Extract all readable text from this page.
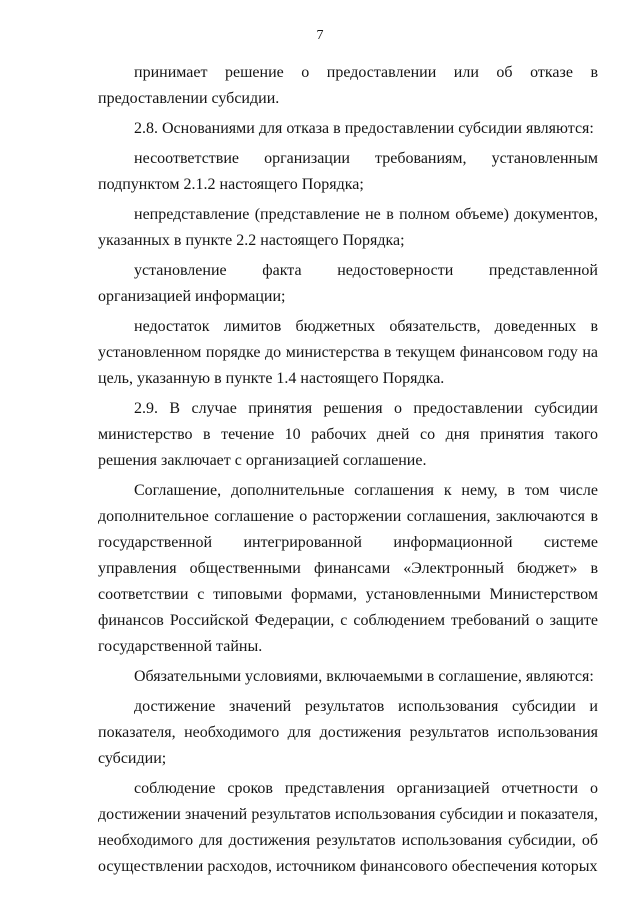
7

принимает решение о предоставлении или об отказе в предоставлении субсидии.

2.8. Основаниями для отказа в предоставлении субсидии являются:

несоответствие организации требованиям, установленным подпунктом 2.1.2 настоящего Порядка;

непредставление (представление не в полном объеме) документов, указанных в пункте 2.2 настоящего Порядка;

установление факта недостоверности представленной организацией информации;

недостаток лимитов бюджетных обязательств, доведенных в установленном порядке до министерства в текущем финансовом году на цель, указанную в пункте 1.4 настоящего Порядка.

2.9. В случае принятия решения о предоставлении субсидии министерство в течение 10 рабочих дней со дня принятия такого решения заключает с организацией соглашение.

Соглашение, дополнительные соглашения к нему, в том числе дополнительное соглашение о расторжении соглашения, заключаются в государственной интегрированной информационной системе управления общественными финансами «Электронный бюджет» в соответствии с типовыми формами, установленными Министерством финансов Российской Федерации, с соблюдением требований о защите государственной тайны.

Обязательными условиями, включаемыми в соглашение, являются:

достижение значений результатов использования субсидии и показателя, необходимого для достижения результатов использования субсидии;

соблюдение сроков представления организацией отчетности о достижении значений результатов использования субсидии и показателя, необходимого для достижения результатов использования субсидии, об осуществлении расходов, источником финансового обеспечения которых
